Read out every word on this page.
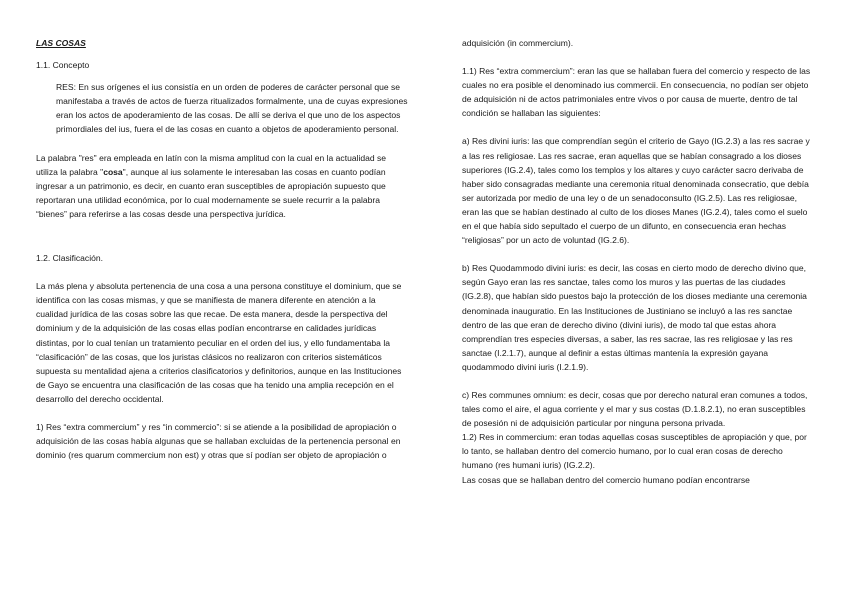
LAS COSAS

1.1. Concepto

RES: En sus orígenes el ius consistía en un orden de poderes de carácter personal que se manifestaba a través de actos de fuerza ritualizados formalmente, una de cuyas expresiones eran los actos de apoderamiento de las cosas. De allí se deriva el que uno de los aspectos primordiales del ius, fuera el de las cosas en cuanto a objetos de apoderamiento personal.

La palabra "res" era empleada en latín con la misma amplitud con la cual en la actualidad se utiliza la palabra "cosa", aunque al ius solamente le interesaban las cosas en cuanto podían ingresar a un patrimonio, es decir, en cuanto eran susceptibles de apropiación supuesto que reportaran una utilidad económica, por lo cual modernamente se suele recurrir a la palabra “bienes” para referirse a las cosas desde una perspectiva jurídica.

1.2. Clasificación.

La más plena y absoluta pertenencia de una cosa a una persona constituye el dominium, que se identifica con las cosas mismas, y que se manifiesta de manera diferente en atención a la cualidad jurídica de las cosas sobre las que recae. De esta manera, desde la perspectiva del dominium y de la adquisición de las cosas ellas podían encontrarse en calidades jurídicas distintas, por lo cual tenían un tratamiento peculiar en el orden del ius, y ello fundamentaba la “clasificación” de las cosas, que los juristas clásicos no realizaron con criterios sistemáticos supuesta su mentalidad ajena a criterios clasificatorios y definitorios, aunque en las Instituciones de Gayo se encuentra una clasificación de las cosas que ha tenido una amplia recepción en el desarrollo del derecho occidental.

1) Res “extra commercium” y res “in commercio”: si se atiende a la posibilidad de apropiación o adquisición de las cosas había algunas que se hallaban excluidas de la pertenencia personal en dominio (res quarum commercium non est) y otras que sí podían ser objeto de apropiación o

adquisición (in commercium).

1.1) Res “extra commercium”: eran las que se hallaban fuera del comercio y respecto de las cuales no era posible el denominado ius commercii. En consecuencia, no podían ser objeto de adquisición ni de actos patrimoniales entre vivos o por causa de muerte, dentro de tal condición se hallaban las siguientes:

a) Res divini iuris: las que comprendían según el criterio de Gayo (IG.2.3) a las res sacrae y a las res religiosae. Las res sacrae, eran aquellas que se habían consagrado a los dioses superiores (IG.2.4), tales como los templos y los altares y cuyo carácter sacro derivaba de haber sido consagradas mediante una ceremonia ritual denominada consecratio, que debía ser autorizada por medio de una ley o de un senadoconsulto (IG.2.5). Las res religiosae, eran las que se habían destinado al culto de los dioses Manes (IG.2.4), tales como el suelo en el que había sido sepultado el cuerpo de un difunto, en consecuencia eran hechas “religiosas” por un acto de voluntad (IG.2.6).

b) Res Quodammodo divini iuris: es decir, las cosas en cierto modo de derecho divino que, según Gayo eran las res sanctae, tales como los muros y las puertas de las ciudades (IG.2.8), que habían sido puestos bajo la protección de los dioses mediante una ceremonia denominada inauguratio. En las Instituciones de Justiniano se incluyó a las res sanctae dentro de las que eran de derecho divino (divini iuris), de modo tal que estas ahora comprendían tres especies diversas, a saber, las res sacrae, las res religiosae y las res sanctae (I.2.1.7), aunque al definir a estas últimas mantenía la expresión gayana quodammodo divini iuris (I.2.1.9).

c) Res communes omnium: es decir, cosas que por derecho natural eran comunes a todos, tales como el aire, el agua corriente y el mar y sus costas (D.1.8.2.1), no eran susceptibles de posesión ni de adquisición particular por ninguna persona privada.

1.2) Res in commercium: eran todas aquellas cosas susceptibles de apropiación y que, por lo tanto, se hallaban dentro del comercio humano, por lo cual eran cosas de derecho humano (res humani iuris) (IG.2.2).

Las cosas que se hallaban dentro del comercio humano podían encontrarse
